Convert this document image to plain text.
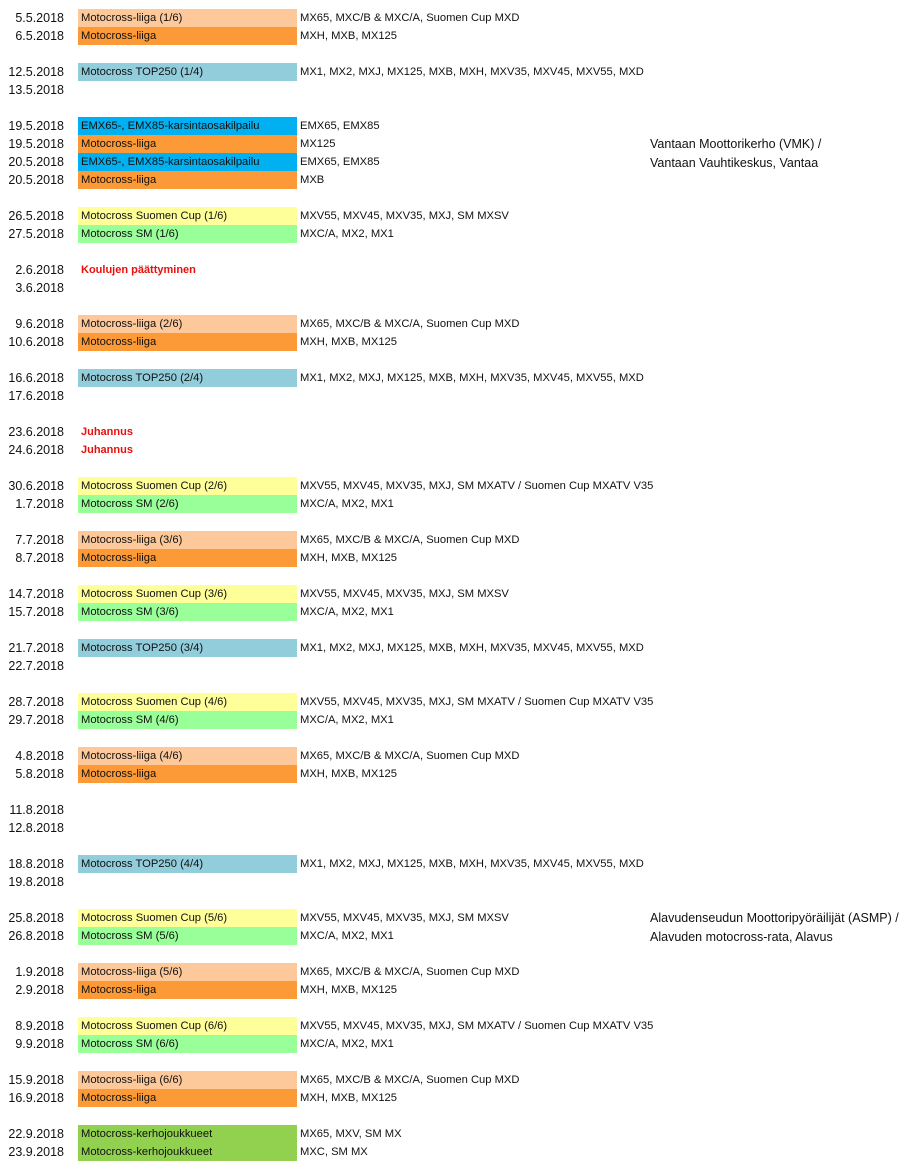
5.5.2018 Motocross-liiga (1/6)	MX65, MXC/B & MXC/A, Suomen Cup MXD
6.5.2018 Motocross-liiga	MXH, MXB, MX125
12.5.2018 Motocross TOP250 (1/4)	MX1, MX2, MXJ, MX125, MXB, MXH, MXV35, MXV45, MXV55, MXD
13.5.2018
19.5.2018 EMX65-, EMX85-karsintaosakilpailu	EMX65, EMX85
19.5.2018 Motocross-liiga	MX125	Vantaan Moottorikerho (VMK) /
20.5.2018 EMX65-, EMX85-karsintaosakilpailu	EMX65, EMX85	Vantaan Vauhtikeskus, Vantaa
20.5.2018 Motocross-liiga	MXB
26.5.2018 Motocross Suomen Cup (1/6)	MXV55, MXV45, MXV35, MXJ, SM MXSV
27.5.2018 Motocross SM (1/6)	MXC/A, MX2, MX1
2.6.2018 Koulujen päättyminen
3.6.2018
9.6.2018 Motocross-liiga (2/6)	MX65, MXC/B & MXC/A, Suomen Cup MXD
10.6.2018 Motocross-liiga	MXH, MXB, MX125
16.6.2018 Motocross TOP250 (2/4)	MX1, MX2, MXJ, MX125, MXB, MXH, MXV35, MXV45, MXV55, MXD
17.6.2018
23.6.2018 Juhannus
24.6.2018 Juhannus
30.6.2018 Motocross Suomen Cup (2/6)	MXV55, MXV45, MXV35, MXJ, SM MXATV / Suomen Cup MXATV V35
1.7.2018 Motocross SM (2/6)	MXC/A, MX2, MX1
7.7.2018 Motocross-liiga (3/6)	MX65, MXC/B & MXC/A, Suomen Cup MXD
8.7.2018 Motocross-liiga	MXH, MXB, MX125
14.7.2018 Motocross Suomen Cup (3/6)	MXV55, MXV45, MXV35, MXJ, SM MXSV
15.7.2018 Motocross SM (3/6)	MXC/A, MX2, MX1
21.7.2018 Motocross TOP250 (3/4)	MX1, MX2, MXJ, MX125, MXB, MXH, MXV35, MXV45, MXV55, MXD
22.7.2018
28.7.2018 Motocross Suomen Cup (4/6)	MXV55, MXV45, MXV35, MXJ, SM MXATV / Suomen Cup MXATV V35
29.7.2018 Motocross SM (4/6)	MXC/A, MX2, MX1
4.8.2018 Motocross-liiga (4/6)	MX65, MXC/B & MXC/A, Suomen Cup MXD
5.8.2018 Motocross-liiga	MXH, MXB, MX125
11.8.2018
12.8.2018
18.8.2018 Motocross TOP250 (4/4)	MX1, MX2, MXJ, MX125, MXB, MXH, MXV35, MXV45, MXV55, MXD
19.8.2018
25.8.2018 Motocross Suomen Cup (5/6)	MXV55, MXV45, MXV35, MXJ, SM MXSV	Alavudenseudun Moottoripyöräilijät (ASMP) /
26.8.2018 Motocross SM (5/6)	MXC/A, MX2, MX1	Alavuden motocross-rata, Alavus
1.9.2018 Motocross-liiga (5/6)	MX65, MXC/B & MXC/A, Suomen Cup MXD
2.9.2018 Motocross-liiga	MXH, MXB, MX125
8.9.2018 Motocross Suomen Cup (6/6)	MXV55, MXV45, MXV35, MXJ, SM MXATV / Suomen Cup MXATV V35
9.9.2018 Motocross SM (6/6)	MXC/A, MX2, MX1
15.9.2018 Motocross-liiga (6/6)	MX65, MXC/B & MXC/A, Suomen Cup MXD
16.9.2018 Motocross-liiga	MXH, MXB, MX125
22.9.2018 Motocross-kerhojoukkueet	MX65, MXV, SM MX
23.9.2018 Motocross-kerhojoukkueet	MXC, SM MX
